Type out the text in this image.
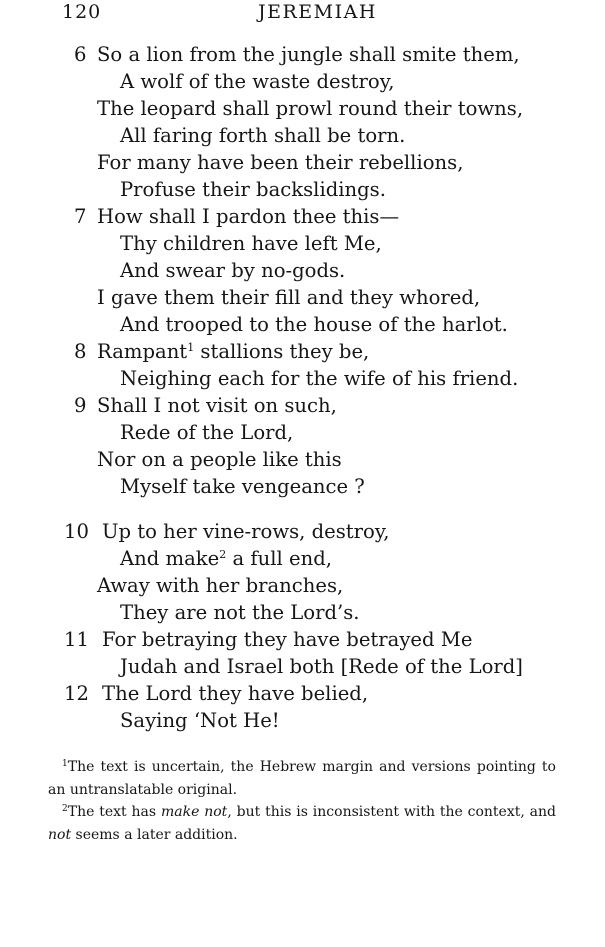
120	JEREMIAH
6 So a lion from the jungle shall smite them,
A wolf of the waste destroy,
The leopard shall prowl round their towns,
All faring forth shall be torn.
For many have been their rebellions,
Profuse their backslidings.
7 How shall I pardon thee this—
Thy children have left Me,
And swear by no-gods.
I gave them their fill and they whored,
And trooped to the house of the harlot.
8 Rampant$^1$ stallions they be,
Neighing each for the wife of his friend.
9 Shall I not visit on such,
Rede of the Lord,
Nor on a people like this
Myself take vengeance ?
10 Up to her vine-rows, destroy,
And make$^2$ a full end,
Away with her branches,
They are not the Lord’s.
11 For betraying they have betrayed Me
Judah and Israel both [Rede of the Lord]
12 The Lord they have belied,
Saying ‘Not He!

$^1$The text is uncertain, the Hebrew margin and versions pointing to an untranslatable original.

$^2$The text has make not, but this is inconsistent with the context, and not seems a later addition.
